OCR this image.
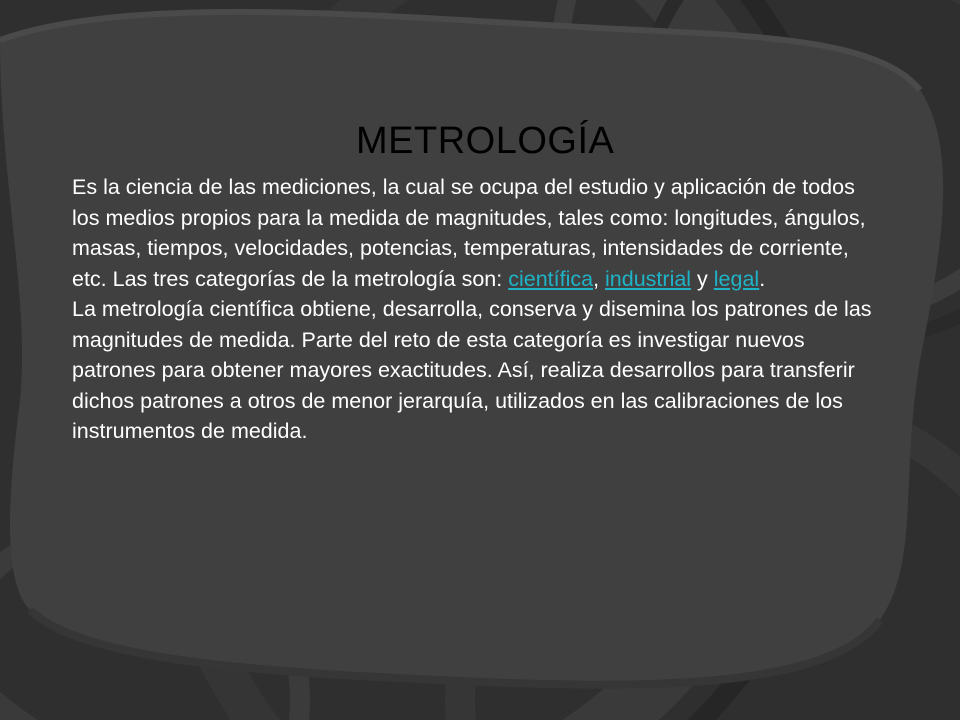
METROLOGÍA

Es la ciencia de las mediciones, la cual se ocupa del estudio y aplicación de todos los medios propios para la medida de magnitudes, tales como: longitudes, ángulos, masas, tiempos, velocidades, potencias, temperaturas, intensidades de corriente, etc. Las tres categorías de la metrología son: científica, industrial y legal.

La metrología científica obtiene, desarrolla, conserva y disemina los patrones de las magnitudes de medida. Parte del reto de esta categoría es investigar nuevos patrones para obtener mayores exactitudes. Así, realiza desarrollos para transferir dichos patrones a otros de menor jerarquía, utilizados en las calibraciones de los instrumentos de medida.
